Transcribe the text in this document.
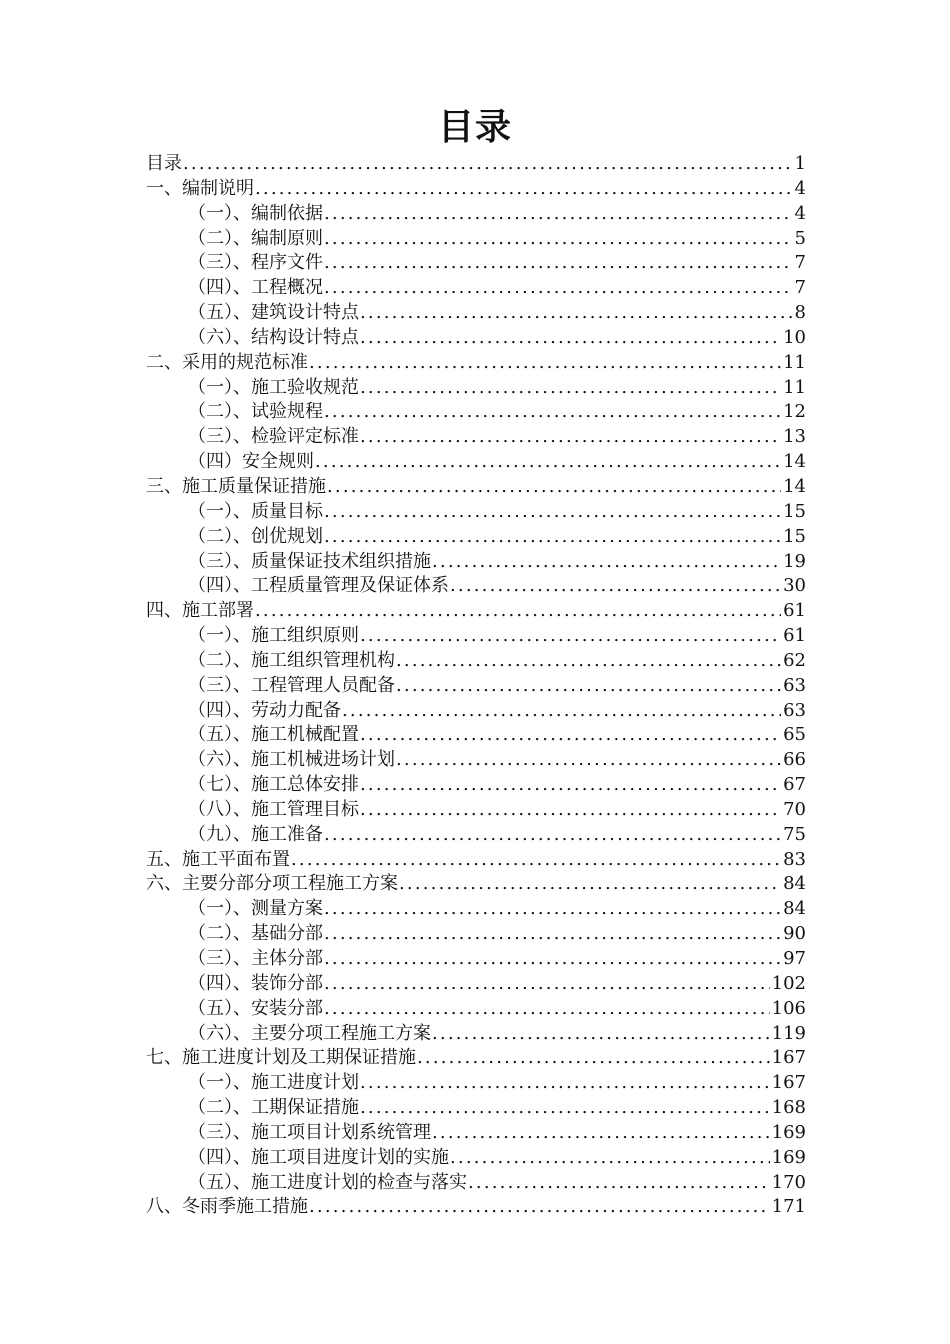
目录
目录 .....	1
一、编制说明 .....	4
（一）、编制依据 .....	4
（二）、编制原则 .....	5
（三）、程序文件 .....	7
（四）、工程概况 .....	7
（五）、建筑设计特点 .....	8
（六）、结构设计特点 .....	10
二、采用的规范标准 .....	11
（一）、施工验收规范 .....	11
（二）、试验规程 .....	12
（三）、检验评定标准 .....	13
（四）安全规则 .....	14
三、施工质量保证措施 .....	14
（一）、质量目标 .....	15
（二）、创优规划 .....	15
（三）、质量保证技术组织措施 .....	19
（四）、工程质量管理及保证体系 .....	30
四、施工部署 .....	61
（一）、施工组织原则 .....	61
（二）、施工组织管理机构 .....	62
（三）、工程管理人员配备 .....	63
（四）、劳动力配备 .....	63
（五）、施工机械配置 .....	65
（六）、施工机械进场计划 .....	66
（七）、施工总体安排 .....	67
（八）、施工管理目标 .....	70
（九）、施工准备 .....	75
五、施工平面布置 .....	83
六、主要分部分项工程施工方案 .....	84
（一）、测量方案 .....	84
（二）、基础分部 .....	90
（三）、主体分部 .....	97
（四）、装饰分部 .....	102
（五）、安装分部 .....	106
（六）、主要分项工程施工方案 .....	119
七、施工进度计划及工期保证措施 .....	167
（一）、施工进度计划 .....	167
（二）、工期保证措施 .....	168
（三）、施工项目计划系统管理 .....	169
（四）、施工项目进度计划的实施 .....	169
（五）、施工进度计划的检查与落实 .....	170
八、冬雨季施工措施 .....	171
